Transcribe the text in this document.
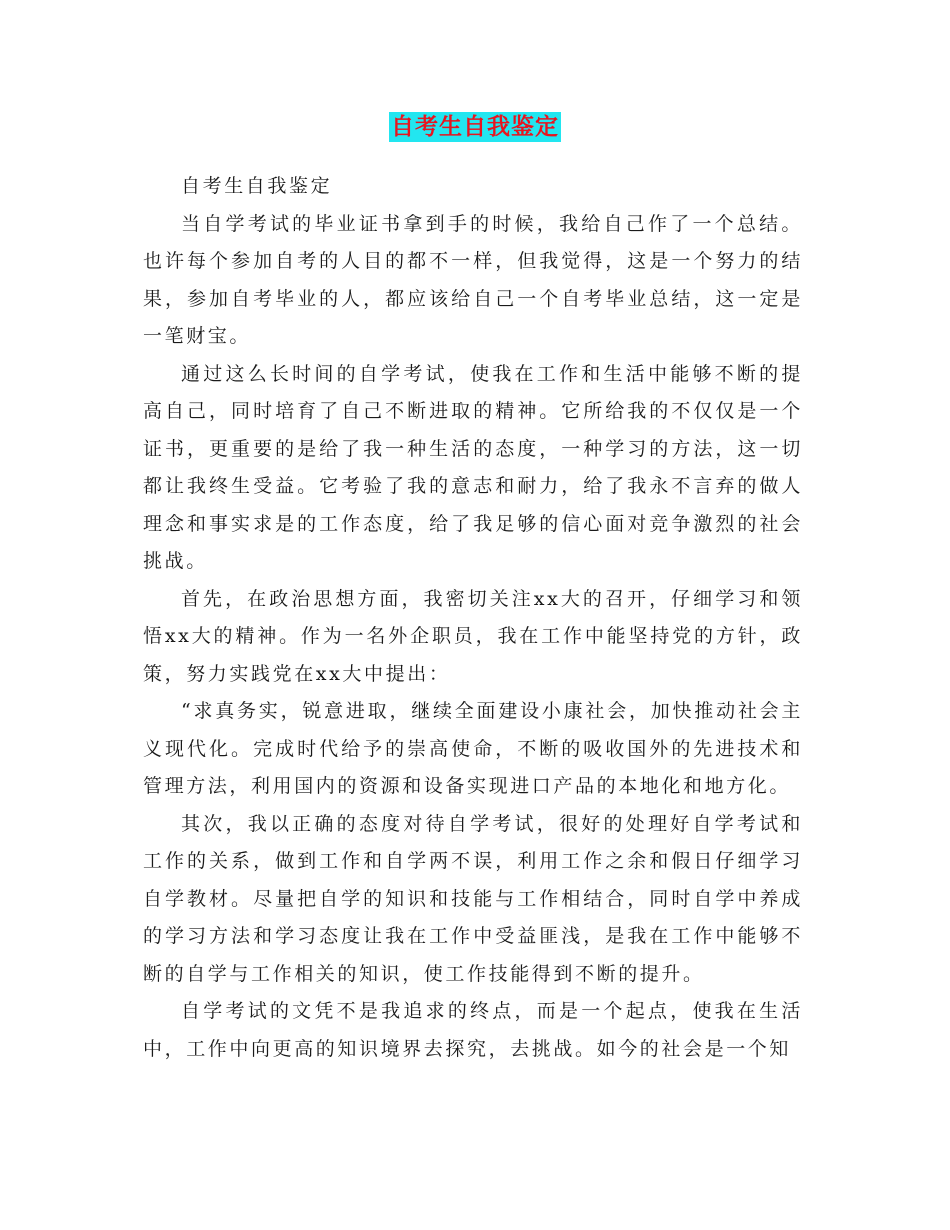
自考生自我鉴定

自考生自我鉴定

当自学考试的毕业证书拿到手的时候，我给自己作了一个总结。也许每个参加自考的人目的都不一样，但我觉得，这是一个努力的结果，参加自考毕业的人，都应该给自己一个自考毕业总结，这一定是一笔财宝。

通过这么长时间的自学考试，使我在工作和生活中能够不断的提高自己，同时培育了自己不断进取的精神。它所给我的不仅仅是一个证书，更重要的是给了我一种生活的态度，一种学习的方法，这一切都让我终生受益。它考验了我的意志和耐力，给了我永不言弃的做人理念和事实求是的工作态度，给了我足够的信心面对竞争激烈的社会挑战。

首先，在政治思想方面，我密切关注xx大的召开，仔细学习和领悟xx大的精神。作为一名外企职员，我在工作中能坚持党的方针，政策，努力实践党在xx大中提出：

“求真务实，锐意进取，继续全面建设小康社会，加快推动社会主义现代化。完成时代给予的崇高使命，不断的吸收国外的先进技术和管理方法，利用国内的资源和设备实现进口产品的本地化和地方化。

其次，我以正确的态度对待自学考试，很好的处理好自学考试和工作的关系，做到工作和自学两不误，利用工作之余和假日仔细学习自学教材。尽量把自学的知识和技能与工作相结合，同时自学中养成的学习方法和学习态度让我在工作中受益匪浅，是我在工作中能够不断的自学与工作相关的知识，使工作技能得到不断的提升。

自学考试的文凭不是我追求的终点，而是一个起点，使我在生活中，工作中向更高的知识境界去探究，去挑战。如今的社会是一个知
